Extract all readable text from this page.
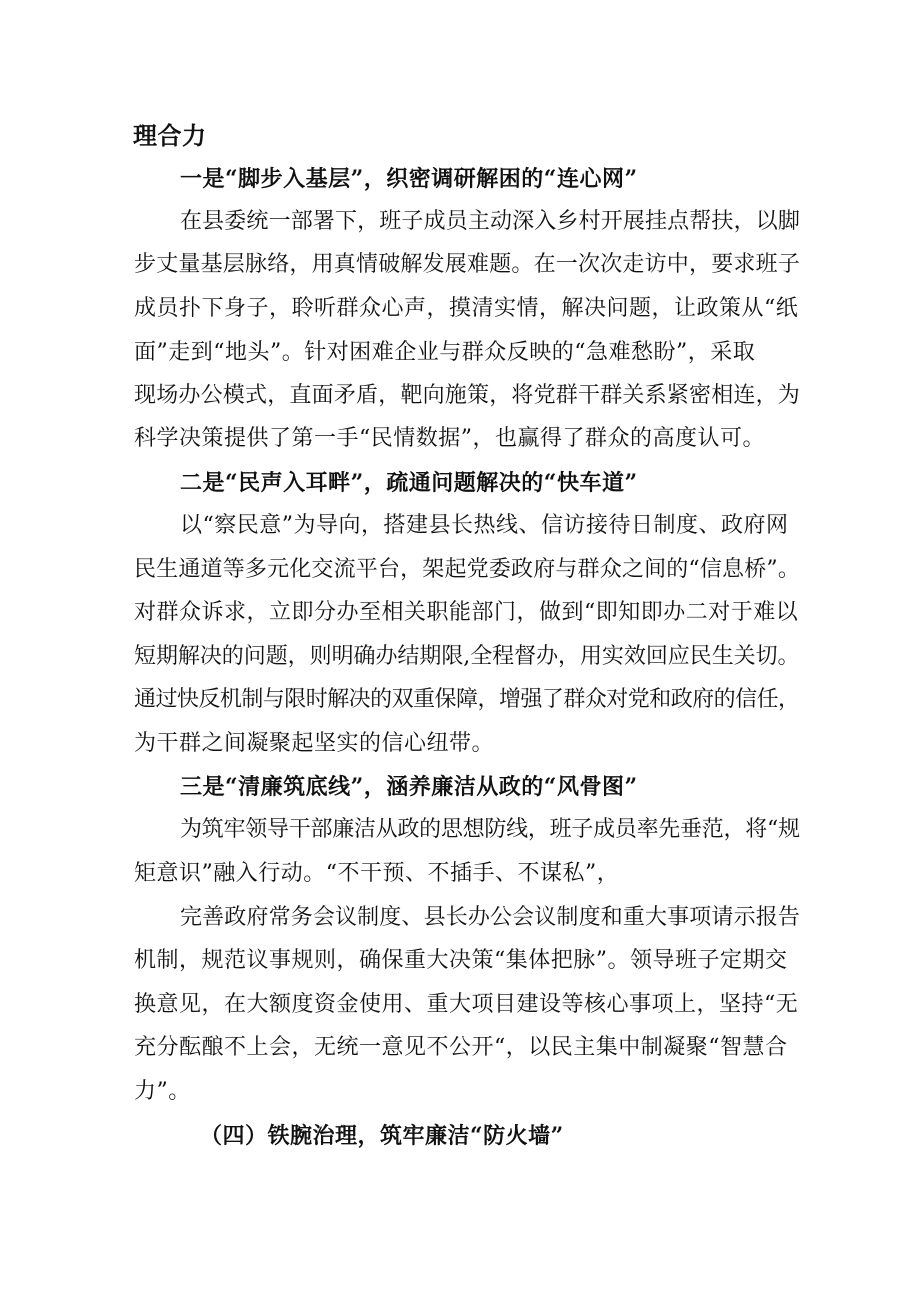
理合力
一是“脚步入基层”，织密调研解困的“连心网”
在县委统一部署下，班子成员主动深入乡村开展挂点帮扶，以脚
步丈量基层脉络，用真情破解发展难题。在一次次走访中，要求班子
成员扑下身子，聆听群众心声，摸清实情，解决问题，让政策从“纸
面”走到“地头”。针对困难企业与群众反映的“急难愁盼”，采取
现场办公模式，直面矛盾，靶向施策，将党群干群关系紧密相连，为
科学决策提供了第一手“民情数据”，也赢得了群众的高度认可。
二是“民声入耳畔”，疏通问题解决的“快车道”
以“察民意”为导向，搭建县长热线、信访接待日制度、政府网
民生通道等多元化交流平台，架起党委政府与群众之间的“信息桥”。
对群众诉求，立即分办至相关职能部门，做到“即知即办二对于难以
短期解决的问题，则明确办结期限,全程督办，用实效回应民生关切。
通过快反机制与限时解决的双重保障，增强了群众对党和政府的信任，
为干群之间凝聚起坚实的信心纽带。
三是“清廉筑底线”，涵养廉洁从政的“风骨图”
为筑牢领导干部廉洁从政的思想防线，班子成员率先垂范，将“规
矩意识”融入行动。“不干预、不插手、不谋私”，
完善政府常务会议制度、县长办公会议制度和重大事项请示报告
机制，规范议事规则，确保重大决策“集体把脉”。领导班子定期交
换意见，在大额度资金使用、重大项目建设等核心事项上，坚持“无
充分酝酿不上会，无统一意见不公开“，以民主集中制凝聚“智慧合
力”。
（四）铁腕治理，筑牢廉洁“防火墙”
